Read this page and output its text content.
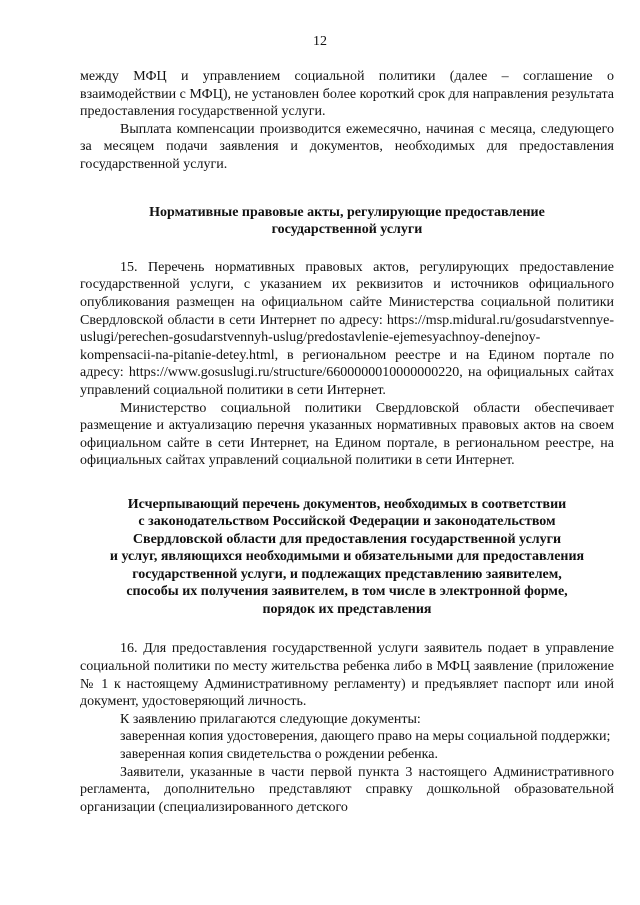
12

между МФЦ и управлением социальной политики (далее – соглашение о взаимодействии с МФЦ), не установлен более короткий срок для направления результата предоставления государственной услуги.

Выплата компенсации производится ежемесячно, начиная с месяца, следующего за месяцем подачи заявления и документов, необходимых для предоставления государственной услуги.

Нормативные правовые акты, регулирующие предоставление
государственной услуги

15. Перечень нормативных правовых актов, регулирующих предоставление государственной услуги, с указанием их реквизитов и источников официального опубликования размещен на официальном сайте Министерства социальной политики Свердловской области в сети Интернет по адресу: https://msp.midural.ru/gosudarstvennye-uslugi/perechen-gosudarstvennyh-uslug/predostavlenie-ejemesyachnoy-denejnoy-kompensacii-na-pitanie-detey.html, в региональном реестре и на Едином портале по адресу: https://www.gosuslugi.ru/structure/6600000010000000220, на официальных сайтах управлений социальной политики в сети Интернет.

Министерство социальной политики Свердловской области обеспечивает размещение и актуализацию перечня указанных нормативных правовых актов на своем официальном сайте в сети Интернет, на Едином портале, в региональном реестре, на официальных сайтах управлений социальной политики в сети Интернет.

Исчерпывающий перечень документов, необходимых в соответствии
с законодательством Российской Федерации и законодательством
Свердловской области для предоставления государственной услуги
и услуг, являющихся необходимыми и обязательными для предоставления
государственной услуги, и подлежащих представлению заявителем,
способы их получения заявителем, в том числе в электронной форме,
порядок их представления

16. Для предоставления государственной услуги заявитель подает в управление социальной политики по месту жительства ребенка либо в МФЦ заявление (приложение № 1 к настоящему Административному регламенту) и предъявляет паспорт или иной документ, удостоверяющий личность.

К заявлению прилагаются следующие документы:

заверенная копия удостоверения, дающего право на меры социальной поддержки;

заверенная копия свидетельства о рождении ребенка.

Заявители, указанные в части первой пункта 3 настоящего Административного регламента, дополнительно представляют справку дошкольной образовательной организации (специализированного детского
